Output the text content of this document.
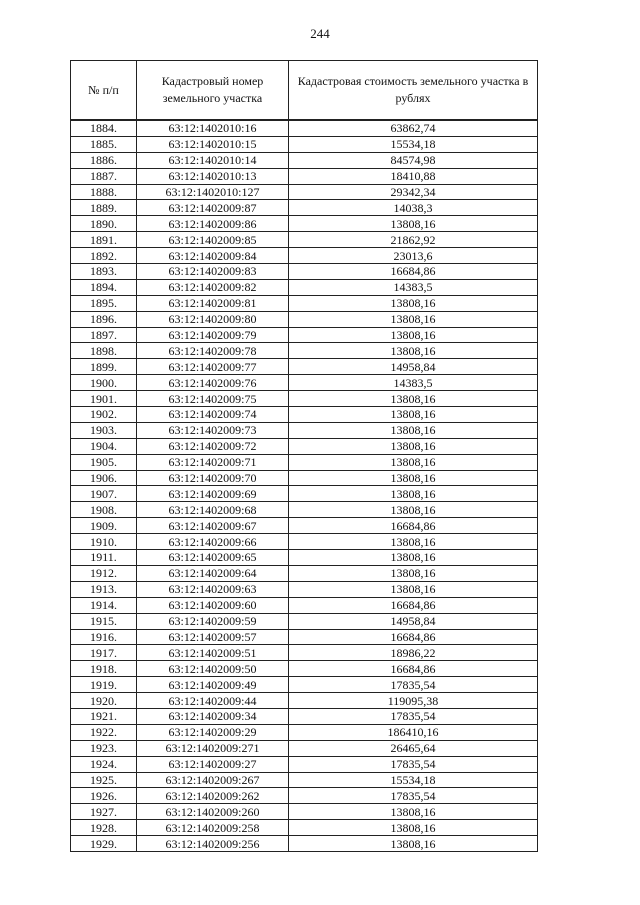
244
№ п/п	Кадастровый номер земельного участка	Кадастровая стоимость земельного участка в рублях
1884.	63:12:1402010:16	63862,74
1885.	63:12:1402010:15	15534,18
1886.	63:12:1402010:14	84574,98
1887.	63:12:1402010:13	18410,88
1888.	63:12:1402010:127	29342,34
1889.	63:12:1402009:87	14038,3
1890.	63:12:1402009:86	13808,16
1891.	63:12:1402009:85	21862,92
1892.	63:12:1402009:84	23013,6
1893.	63:12:1402009:83	16684,86
1894.	63:12:1402009:82	14383,5
1895.	63:12:1402009:81	13808,16
1896.	63:12:1402009:80	13808,16
1897.	63:12:1402009:79	13808,16
1898.	63:12:1402009:78	13808,16
1899.	63:12:1402009:77	14958,84
1900.	63:12:1402009:76	14383,5
1901.	63:12:1402009:75	13808,16
1902.	63:12:1402009:74	13808,16
1903.	63:12:1402009:73	13808,16
1904.	63:12:1402009:72	13808,16
1905.	63:12:1402009:71	13808,16
1906.	63:12:1402009:70	13808,16
1907.	63:12:1402009:69	13808,16
1908.	63:12:1402009:68	13808,16
1909.	63:12:1402009:67	16684,86
1910.	63:12:1402009:66	13808,16
1911.	63:12:1402009:65	13808,16
1912.	63:12:1402009:64	13808,16
1913.	63:12:1402009:63	13808,16
1914.	63:12:1402009:60	16684,86
1915.	63:12:1402009:59	14958,84
1916.	63:12:1402009:57	16684,86
1917.	63:12:1402009:51	18986,22
1918.	63:12:1402009:50	16684,86
1919.	63:12:1402009:49	17835,54
1920.	63:12:1402009:44	119095,38
1921.	63:12:1402009:34	17835,54
1922.	63:12:1402009:29	186410,16
1923.	63:12:1402009:271	26465,64
1924.	63:12:1402009:27	17835,54
1925.	63:12:1402009:267	15534,18
1926.	63:12:1402009:262	17835,54
1927.	63:12:1402009:260	13808,16
1928.	63:12:1402009:258	13808,16
1929.	63:12:1402009:256	13808,16
